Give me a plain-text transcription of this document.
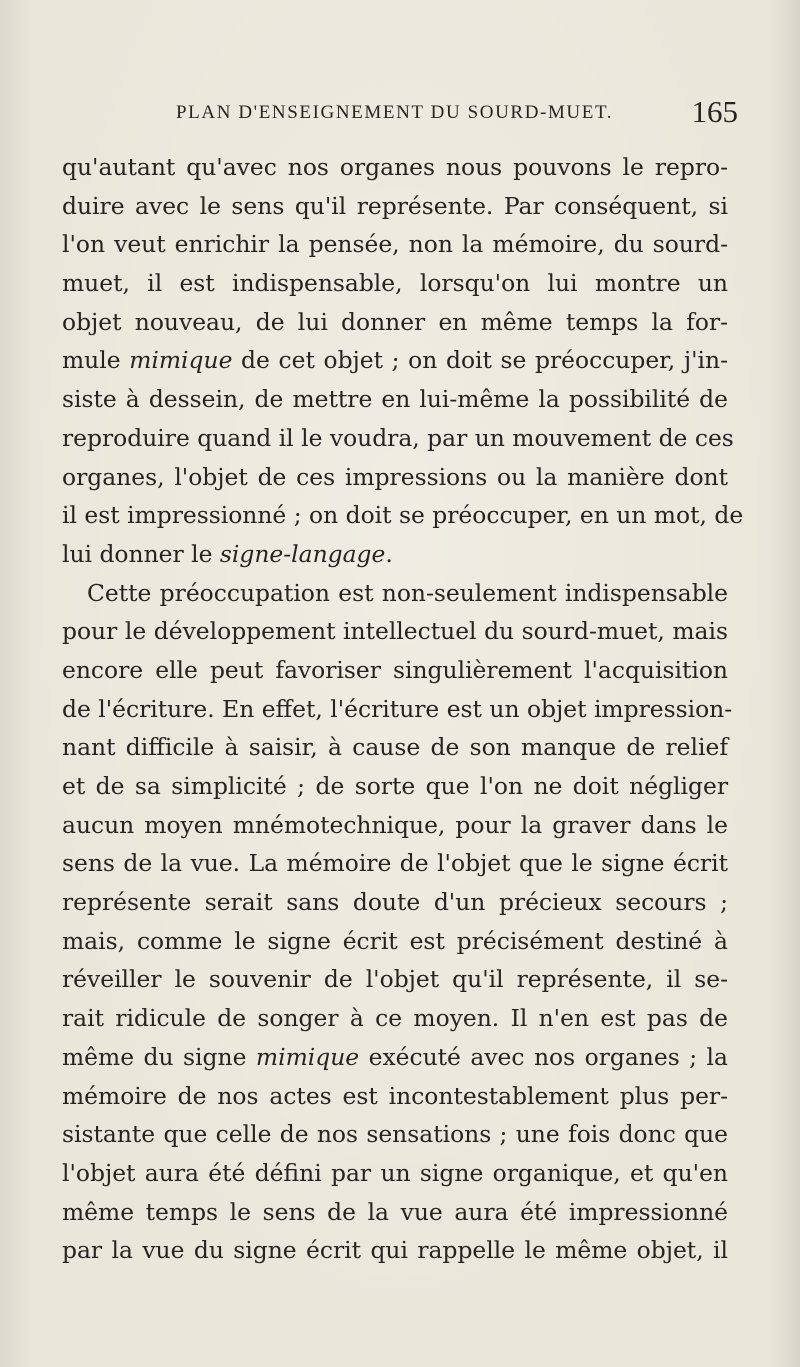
PLAN D'ENSEIGNEMENT DU SOURD-MUET.	165
qu'autant qu'avec nos organes nous pouvons le repro-
duire avec le sens qu'il représente. Par conséquent, si
l'on veut enrichir la pensée, non la mémoire, du sourd-
muet, il est indispensable, lorsqu'on lui montre un
objet nouveau, de lui donner en même temps la for-
mule mimique de cet objet ; on doit se préoccuper, j'in-
siste à dessein, de mettre en lui-même la possibilité de
reproduire quand il le voudra, par un mouvement de ces
organes, l'objet de ces impressions ou la manière dont
il est impressionné ; on doit se préoccuper, en un mot, de
lui donner le signe-langage.
Cette préoccupation est non-seulement indispensable
pour le développement intellectuel du sourd-muet, mais
encore elle peut favoriser singulièrement l'acquisition
de l'écriture. En effet, l'écriture est un objet impression-
nant difficile à saisir, à cause de son manque de relief
et de sa simplicité ; de sorte que l'on ne doit négliger
aucun moyen mnémotechnique, pour la graver dans le
sens de la vue. La mémoire de l'objet que le signe écrit
représente serait sans doute d'un précieux secours ;
mais, comme le signe écrit est précisément destiné à
réveiller le souvenir de l'objet qu'il représente, il se-
rait ridicule de songer à ce moyen. Il n'en est pas de
même du signe mimique exécuté avec nos organes ; la
mémoire de nos actes est incontestablement plus per-
sistante que celle de nos sensations ; une fois donc que
l'objet aura été défini par un signe organique, et qu'en
même temps le sens de la vue aura été impressionné
par la vue du signe écrit qui rappelle le même objet, il
